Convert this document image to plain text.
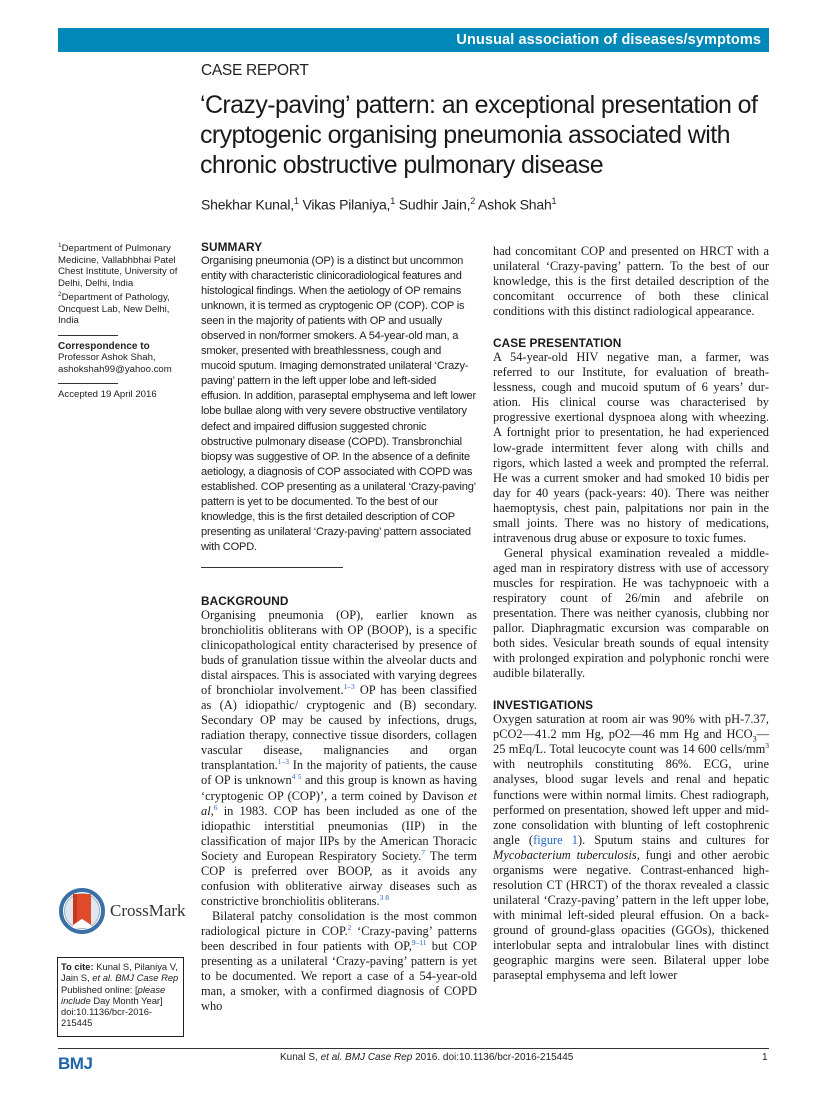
Unusual association of diseases/symptoms
CASE REPORT
‘Crazy-paving’ pattern: an exceptional presentation of cryptogenic organising pneumonia associated with chronic obstructive pulmonary disease
Shekhar Kunal,$^1$ Vikas Pilaniya,$^1$ Sudhir Jain,$^2$ Ashok Shah$^1$

$^1$Department of Pulmonary Medicine, Vallabhbhai Patel Chest Institute, University of Delhi, Delhi, India

$^2$Department of Pathology, Oncquest Lab, New Delhi, India

Correspondence to

Professor Ashok Shah,

ashokshah99@yahoo.com

Accepted 19 April 2016

CrossMark
To cite: Kunal S, Pilaniya V, Jain S, et al. BMJ Case Rep
Published online: [please include Day Month Year]
doi:10.1136/bcr-2016-215445
SUMMARY

Organising pneumonia (OP) is a distinct but uncommon entity with characteristic clinicoradiological features and histological findings. When the aetiology of OP remains unknown, it is termed as cryptogenic OP (COP). COP is seen in the majority of patients with OP and usually observed in non/former smokers. A 54-year-old man, a smoker, presented with breathlessness, cough and mucoid sputum. Imaging demonstrated unilateral ‘Crazy-paving’ pattern in the left upper lobe and left-sided effusion. In addition, paraseptal emphysema and left lower lobe bullae along with very severe obstructive ventilatory defect and impaired diffusion suggested chronic obstructive pulmonary disease (COPD). Transbronchial biopsy was suggestive of OP. In the absence of a definite aetiology, a diagnosis of COP associated with COPD was established. COP presenting as a unilateral ‘Crazy-paving’ pattern is yet to be documented. To the best of our knowledge, this is the first detailed description of COP presenting as unilateral ‘Crazy-paving’ pattern associated with COPD.

BACKGROUND

Organising pneumonia (OP), earlier known as bronchiolitis obliterans with OP (BOOP), is a specific clinicopathological entity characterised by presence of buds of granulation tissue within the alveolar ducts and distal airspaces. This is associated with varying degrees of bronchiolar involvement.$^{1-3}$ OP has been classified as (A) idiopathic/ cryptogenic and (B) secondary. Secondary OP may be caused by infections, drugs, radiation therapy, connective tissue disorders, collagen vascular disease, malignancies and organ transplantation.$^{1-3}$ In the majority of patients, the cause of OP is unknown$^{4 5}$ and this group is known as having ‘cryptogenic OP (COP)’, a term coined by Davison et al,$^6$ in 1983. COP has been included as one of the idiopathic interstitial pneumonias (IIP) in the classification of major IIPs by the American Thoracic Society and European Respiratory Society.$^7$ The term COP is preferred over BOOP, as it avoids any confusion with obliterative airway diseases such as constrictive bronchiolitis obliterans.$^{3 8}$

Bilateral patchy consolidation is the most common radiological picture in COP.$^2$ ‘Crazy-paving’ patterns been described in four patients with OP,$^{9-11}$ but COP presenting as a unilateral ‘Crazy-paving’ pattern is yet to be documented. We report a case of a 54-year-old man, a smoker, with a confirmed diagnosis of COPD who

had concomitant COP and presented on HRCT with a unilateral ‘Crazy-paving’ pattern. To the best of our knowledge, this is the first detailed description of the concomitant occurrence of both these clinical conditions with this distinct radiological appearance.

CASE PRESENTATION

A 54-year-old HIV negative man, a farmer, was referred to our Institute, for evaluation of breathlessness, cough and mucoid sputum of 6 years’ duration. His clinical course was characterised by progressive exertional dyspnoea along with wheezing. A fortnight prior to presentation, he had experienced low-grade intermittent fever along with chills and rigors, which lasted a week and prompted the referral. He was a current smoker and had smoked 10 bidis per day for 40 years (pack-years: 40). There was neither haemoptysis, chest pain, palpitations nor pain in the small joints. There was no history of medications, intravenous drug abuse or exposure to toxic fumes.

General physical examination revealed a middle-aged man in respiratory distress with use of accessory muscles for respiration. He was tachypnoeic with a respiratory count of 26/min and afebrile on presentation. There was neither cyanosis, clubbing nor pallor. Diaphragmatic excursion was comparable on both sides. Vesicular breath sounds of equal intensity with prolonged expiration and polyphonic ronchi were audible bilaterally.

INVESTIGATIONS

Oxygen saturation at room air was 90% with pH-7.37, pCO2—41.2 mm Hg, pO2—46 mm Hg and $HCO_3—25$ mEq/L. Total leucocyte count was 14 600 cells/$mm^3$ with neutrophils constituting 86%. ECG, urine analyses, blood sugar levels and renal and hepatic functions were within normal limits. Chest radiograph, performed on presentation, showed left upper and mid-zone consolidation with blunting of left costophrenic angle (figure 1). Sputum stains and cultures for Mycobacterium tuberculosis, fungi and other aerobic organisms were negative. Contrast-enhanced high-resolution CT (HRCT) of the thorax revealed a classic unilateral ‘Crazy-paving’ pattern in the left upper lobe, with minimal left-sided pleural effusion. On a background of ground-glass opacities (GGOs), thickened interlobular septa and intralobular lines with distinct geographic margins were seen. Bilateral upper lobe paraseptal emphysema and left lower

BMJ	Kunal S, et al. BMJ Case Rep 2016. doi:10.1136/bcr-2016-215445	1
